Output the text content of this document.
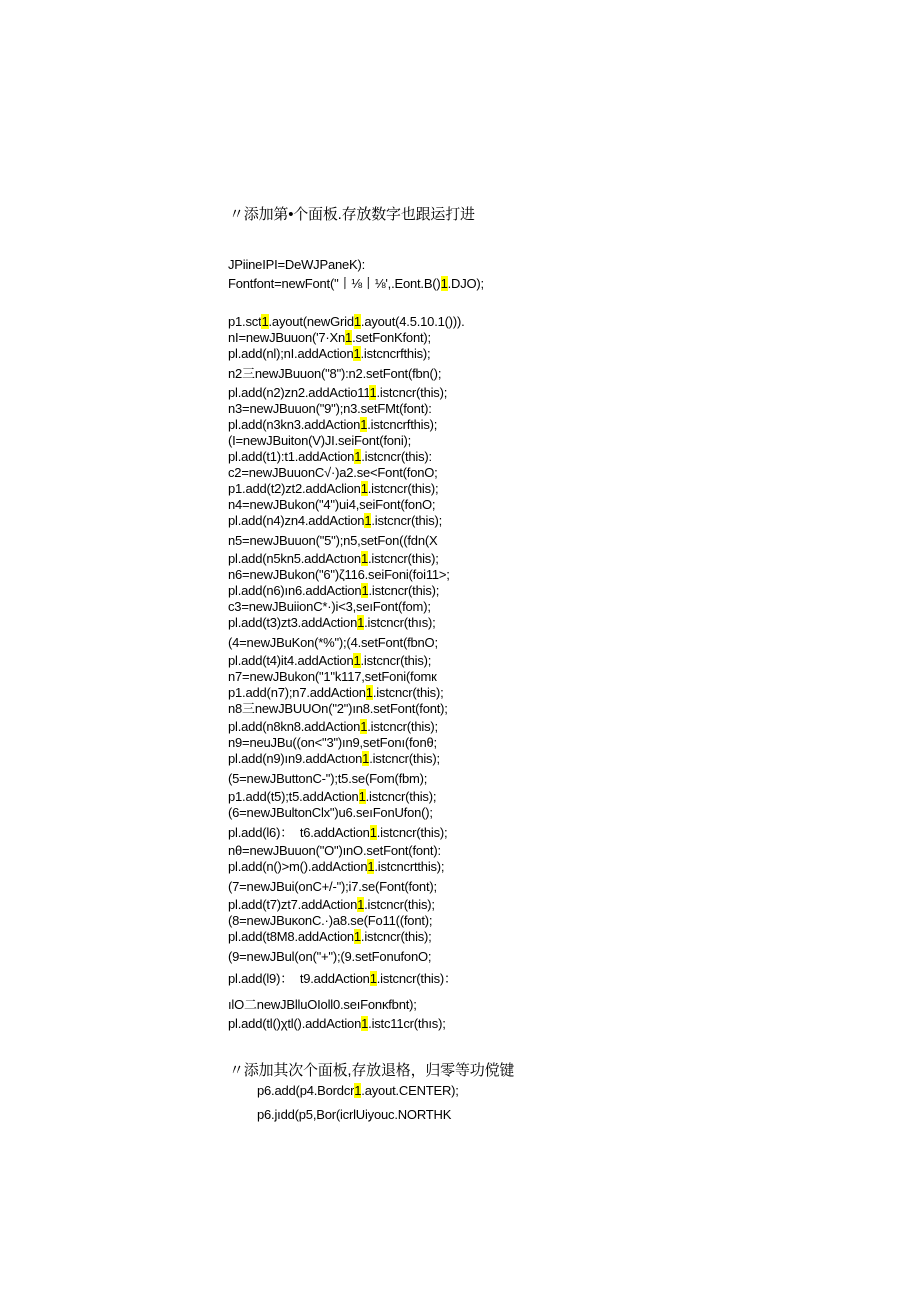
〃添加第•个面板.存放数字也跟运打进
JPiineIPI=DeWJPaneK):
Fontfont=newFont("丨⅛丨⅛',.Eont.B()1.DJO);
p1.sct1.ayout(newGrid1.ayout(4.5.10.1())).
nI=newJBuuon('7·Xn1.setFonKfont);
pl.add(nl);nI.addAction1.istcncrfthis);
n2三newJBuuon("8"):n2.setFont(fbn();
pl.add(n2)zn2.addActio111.istcncr(this);
n3=newJBuuon("9");n3.setFMt(font):
pl.add(n3kn3.addAction1.istcncrfthis);
(I=newJBuiton(V)JI.seiFont(foni);
pl.add(t1):t1.addAction1.istcncr(this):
c2=newJBuuonC√·)a2.se<Font(fonO;
p1.add(t2)zt2.addAclion1.istcncr(this);
n4=newJBukon("4")ui4,seiFont(fonO;
pl.add(n4)zn4.addAction1.istcncr(this);
n5=newJBuuon("5");n5,setFon((fdn(X
pl.add(n5kn5.addActıon1.istcncr(this);
n6=newJBukon("6")ζ116.seiFoni(foi11>;
pl.add(n6)ın6.addAction1.istcncr(this);
c3=newJBuiionC*·)i<3,seıFont(fom);
pl.add(t3)zt3.addAction1.istcncr(thıs);
(4=newJBuKon(*%");(4.setFont(fbnO;
pl.add(t4)it4.addAction1.istcncr(this);
n7=newJBukon("1"k117,setFoni(fomк
p1.add(n7);n7.addAction1.istcncr(this);
n8三newJBUUOn("2")ın8.setFont(font);
pl.add(n8kn8.addAction1.istcncr(this);
n9=neuJBu((on<"3")ın9,setFonı(fonθ;
pl.add(n9)ın9.addActıon1.istcncr(this);
(5=newJButtonC-");t5.se(Fom(fbm);
p1.add(t5);t5.addAction1.istcncr(this);
(6=newJBultonClx")u6.seıFonUfon();
pl.add(l6)：  t6.addAction1.istcncr(this);
nθ=newJBuuon("O")ınO.setFont(font):
pl.add(n()>m().addAction1.istcncrtthis);
(7=newJBui(onC+/-");i7.se(Font(font);
pl.add(t7)zt7.addAction1.istcncr(this);
(8=newJBuκonC.·)a8.se(Fo11((font);
pl.add(t8M8.addAction1.istcncr(this);
(9=newJBul(on("+");(9.setFonufonO;
pl.add(l9)：  t9.addAction1.istcncr(this)：
ılO二newJBlluOIoll0.seıFonκfbnt);
pl.add(tl()χtl().addAction1.istc11cr(thıs);
〃添加其次个面板,存放退格，归零等功傥键
p6.add(p4.Bordcr1.ayout.CENTER);
p6.jıdd(p5,Bor(icrlUiyouc.NORTHK
